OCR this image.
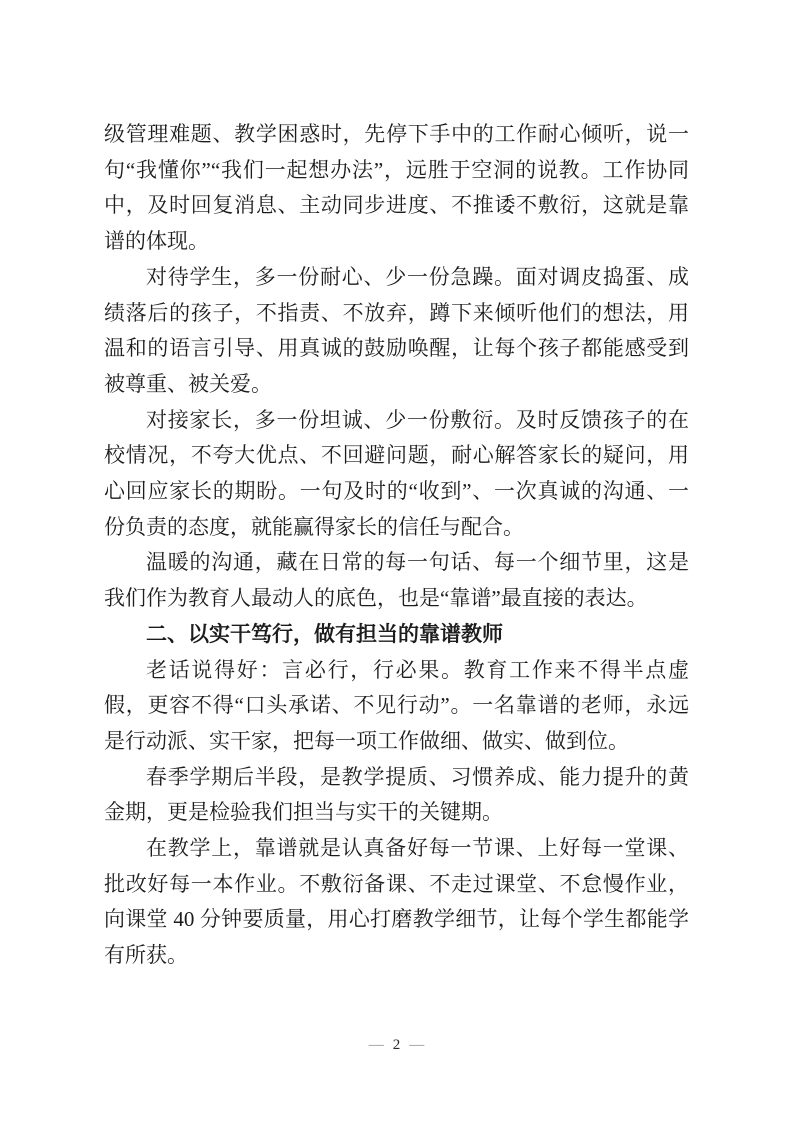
级管理难题、教学困惑时，先停下手中的工作耐心倾听，说一句“我懂你”“我们一起想办法”，远胜于空洞的说教。工作协同中，及时回复消息、主动同步进度、不推诿不敷衍，这就是靠谱的体现。

对待学生，多一份耐心、少一份急躁。面对调皮捣蛋、成绩落后的孩子，不指责、不放弃，蹲下来倾听他们的想法，用温和的语言引导、用真诚的鼓励唤醒，让每个孩子都能感受到被尊重、被关爱。

对接家长，多一份坦诚、少一份敷衍。及时反馈孩子的在校情况，不夸大优点、不回避问题，耐心解答家长的疑问，用心回应家长的期盼。一句及时的“收到”、一次真诚的沟通、一份负责的态度，就能赢得家长的信任与配合。

温暖的沟通，藏在日常的每一句话、每一个细节里，这是我们作为教育人最动人的底色，也是“靠谱”最直接的表达。

二、以实干笃行，做有担当的靠谱教师

老话说得好：言必行，行必果。教育工作来不得半点虚假，更容不得“口头承诺、不见行动”。一名靠谱的老师，永远是行动派、实干家，把每一项工作做细、做实、做到位。

春季学期后半段，是教学提质、习惯养成、能力提升的黄金期，更是检验我们担当与实干的关键期。

在教学上，靠谱就是认真备好每一节课、上好每一堂课、批改好每一本作业。不敷衍备课、不走过课堂、不怠慢作业，向课堂 40 分钟要质量，用心打磨教学细节，让每个学生都能学有所获。

— 2 —
